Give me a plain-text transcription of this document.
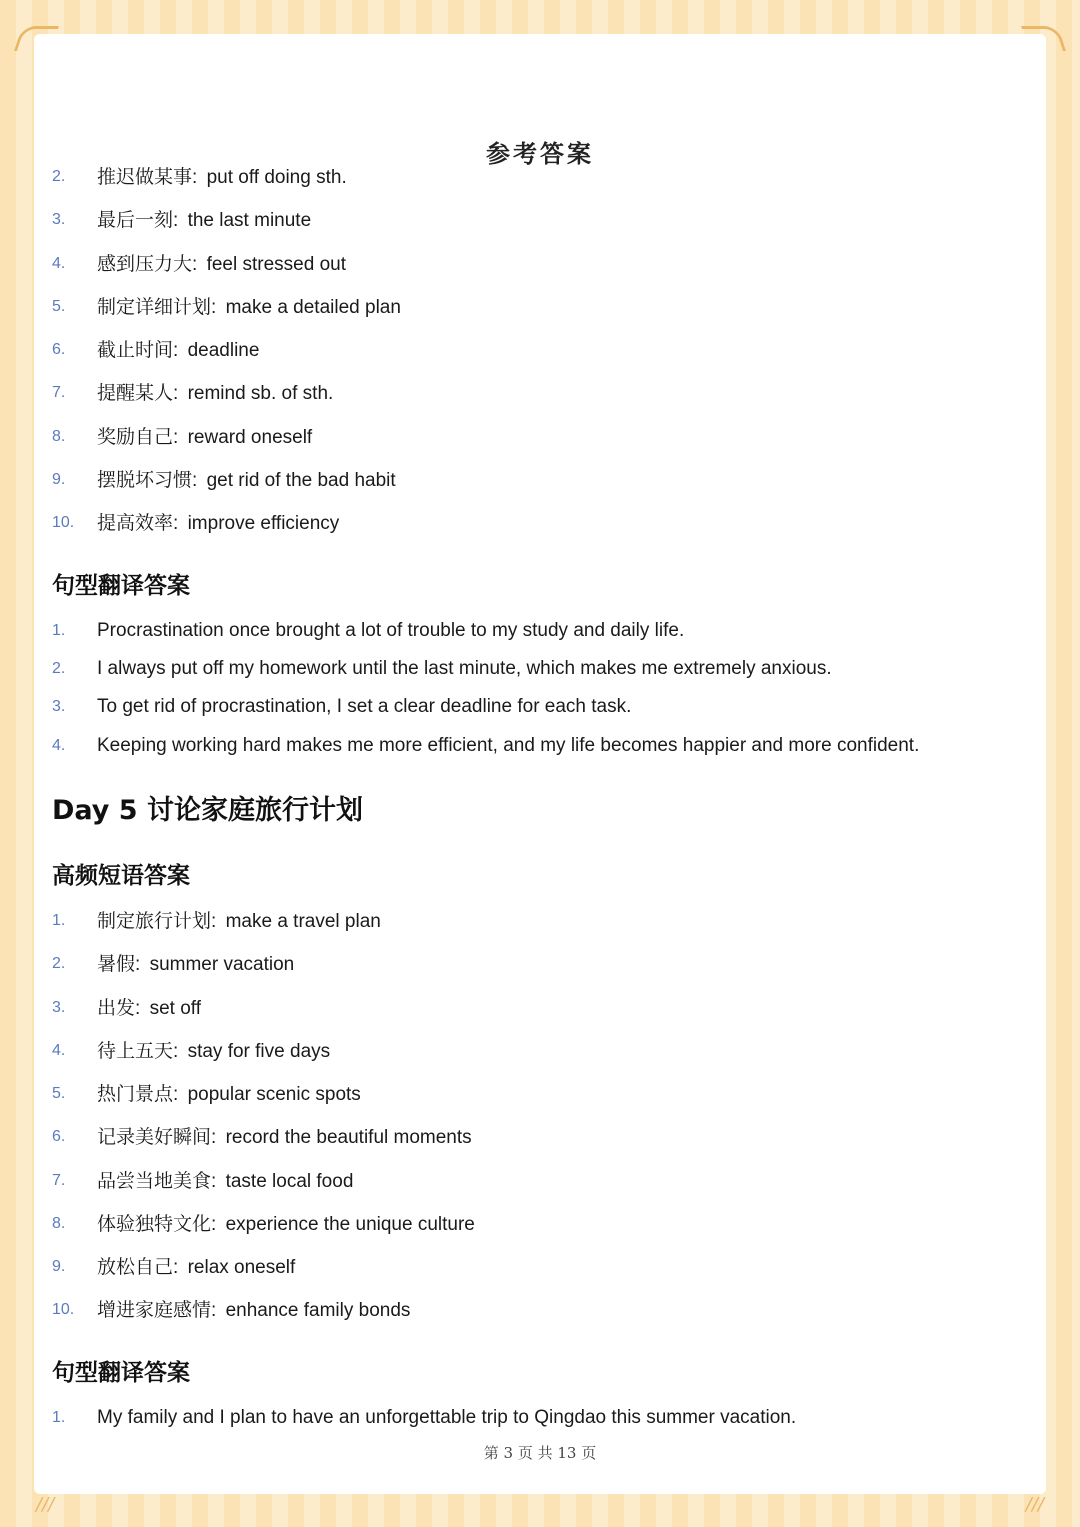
///	///
参考答案
2.	推迟做某事: put off doing sth.
3.	最后一刻: the last minute
4.	感到压力大: feel stressed out
5.	制定详细计划: make a detailed plan
6.	截止时间: deadline
7.	提醒某人: remind sb. of sth.
8.	奖励自己: reward oneself
9.	摆脱坏习惯: get rid of the bad habit
10.	提高效率: improve efficiency
句型翻译答案
1.	Procrastination once brought a lot of trouble to my study and daily life.
2.	I always put off my homework until the last minute, which makes me extremely anxious.
3.	To get rid of procrastination, I set a clear deadline for each task.
4.	Keeping working hard makes me more efficient, and my life becomes happier and more confident.
Day 5 讨论家庭旅行计划
高频短语答案
1.	制定旅行计划: make a travel plan
2.	暑假: summer vacation
3.	出发: set off
4.	待上五天: stay for five days
5.	热门景点: popular scenic spots
6.	记录美好瞬间: record the beautiful moments
7.	品尝当地美食: taste local food
8.	体验独特文化: experience the unique culture
9.	放松自己: relax oneself
10.	增进家庭感情: enhance family bonds
句型翻译答案
1.	My family and I plan to have an unforgettable trip to Qingdao this summer vacation.
第 3 页 共 13 页
